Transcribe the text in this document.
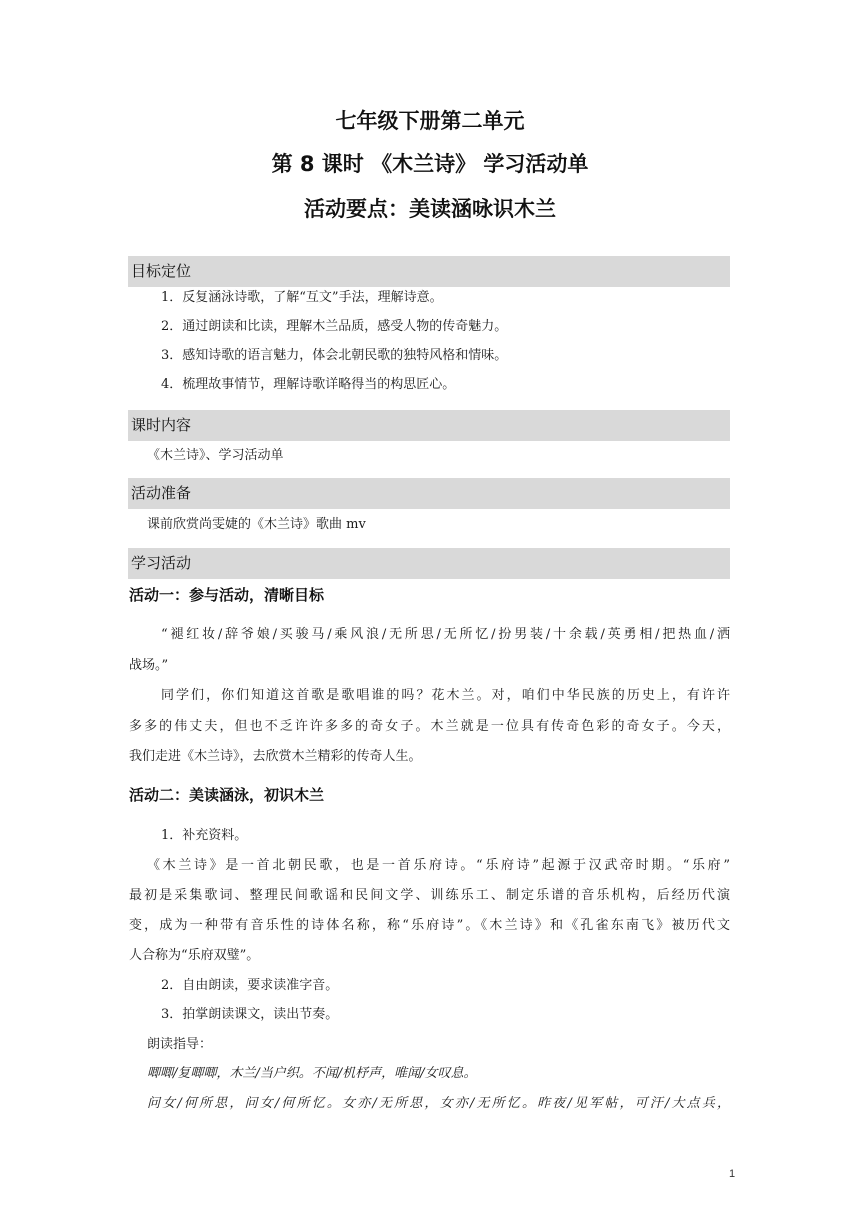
七年级下册第二单元
第 8 课时 《木兰诗》 学习活动单
活动要点：美读涵咏识木兰
目标定位
1．反复涵泳诗歌，了解“互文”手法，理解诗意。
2．通过朗读和比读，理解木兰品质，感受人物的传奇魅力。
3．感知诗歌的语言魅力，体会北朝民歌的独特风格和情味。
4．梳理故事情节，理解诗歌详略得当的构思匠心。
课时内容
《木兰诗》、学习活动单
活动准备
课前欣赏尚雯婕的《木兰诗》歌曲 mv
学习活动
活动一：参与活动，清晰目标
“褪红妆/辞爷娘/买骏马/乘风浪/无所思/无所忆/扮男装/十余载/英勇相/把热血/洒
战场。”
同学们，你们知道这首歌是歌唱谁的吗？花木兰。对，咱们中华民族的历史上，有许许
多多的伟丈夫，但也不乏许许多多的奇女子。木兰就是一位具有传奇色彩的奇女子。今天，
我们走进《木兰诗》，去欣赏木兰精彩的传奇人生。
活动二：美读涵泳，初识木兰
1．补充资料。
《木兰诗》是一首北朝民歌，也是一首乐府诗。“乐府诗”起源于汉武帝时期。“乐府”
最初是采集歌词、整理民间歌谣和民间文学、训练乐工、制定乐谱的音乐机构，后经历代演
变，成为一种带有音乐性的诗体名称，称“乐府诗”。《木兰诗》和《孔雀东南飞》被历代文
人合称为“乐府双璧”。
2．自由朗读，要求读准字音。
3．拍掌朗读课文，读出节奏。
朗读指导：
唧唧/复唧唧，木兰/当户织。不闻/机杼声，唯闻/女叹息。
问女/何所思，问女/何所忆。女亦/无所思，女亦/无所忆。昨夜/见军帖，可汗/大点兵，
1
